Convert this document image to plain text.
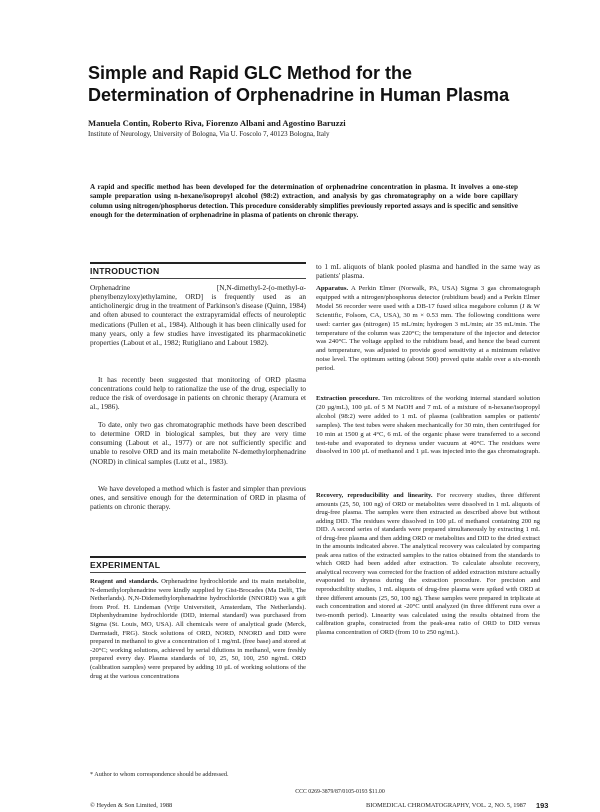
Simple and Rapid GLC Method for the Determination of Orphenadrine in Human Plasma

Manuela Contin, Roberto Riva, Fiorenzo Albani and Agostino Baruzzi

Institute of Neurology, University of Bologna, Via U. Foscolo 7, 40123 Bologna, Italy

A rapid and specific method has been developed for the determination of orphenadrine concentration in plasma. It involves a one-step sample preparation using n-hexane/isopropyl alcohol (98:2) extraction, and analysis by gas chromatography on a wide bore capillary column using nitrogen/phosphorus detection. This procedure considerably simplifies previously reported assays and is specific and sensitive enough for the determination of orphenadrine in plasma of patients on chronic therapy.

INTRODUCTION

Orphenadrine [N,N-dimethyl-2-(o-methyl-α-phenylbenzyloxy)ethylamine, ORD] is frequently used as an anticholinergic drug in the treatment of Parkinson's disease (Quinn, 1984) and often abused to counteract the extrapyramidal effects of neuroleptic medications (Pullen et al., 1984). Although it has been clinically used for many years, only a few studies have investigated its pharmacokinetic properties (Labout et al., 1982; Rutigliano and Labout 1982).

It has recently been suggested that monitoring of ORD plasma concentrations could help to rationalize the use of the drug, especially to reduce the risk of overdosage in patients on chronic therapy (Aramura et al., 1986).

To date, only two gas chromatographic methods have been described to determine ORD in biological samples, but they are very time consuming (Labout et al., 1977) or are not sufficiently specific and unable to resolve ORD and its main metabolite N-demethylorphenadrine (NORD) in clinical samples (Lutz et al., 1983).

We have developed a method which is faster and simpler than previous ones, and sensitive enough for the determination of ORD in plasma of patients on chronic therapy.

EXPERIMENTAL

Reagent and standards. Orphenadrine hydrochloride and its main metabolite, N-demethylorphenadrine were kindly supplied by Gist-Brocades (Ma Delft, The Netherlands). N,N-Didemethylorphenadrine hydrochloride (NNORD) was a gift from Prof. H. Lindeman (Vrije Universiteit, Amsterdam, The Netherlands). Diphenhydramine hydrochloride (DID, internal standard) was purchased from Sigma (St. Louis, MO, USA). All chemicals were of analytical grade (Merck, Darmstadt, FRG). Stock solutions of ORD, NORD, NNORD and DID were prepared in methanol to give a concentration of 1 mg/mL (free base) and stored at -20°C; working solutions, achieved by serial dilutions in methanol, were freshly prepared every day. Plasma standards of 10, 25, 50, 100, 250 ng/mL ORD (calibration samples) were prepared by adding 10 µL of working solutions of the drug at the various concentrations

* Author to whom correspondence should be addressed.

to 1 mL aliquots of blank pooled plasma and handled in the same way as patients' plasma.

Apparatus. A Perkin Elmer (Norwalk, PA, USA) Sigma 3 gas chromatograph equipped with a nitrogen/phosphorus detector (rubidium bead) and a Perkin Elmer Model 56 recorder were used with a DB-17 fused silica megabore column (J & W Scientific, Folsom, CA, USA), 30 m × 0.53 mm. The following conditions were used: carrier gas (nitrogen) 15 mL/min; hydrogen 3 mL/min; air 35 mL/min. The temperature of the column was 220°C; the temperature of the injector and detector was 240°C. The voltage applied to the rubidium bead, and hence the bead current and temperature, was adjusted to provide good sensitivity at a minimum relative noise level. The optimum setting (about 500) proved quite stable over a six-month period.

Extraction procedure. Ten microlitres of the working internal standard solution (20 µg/mL), 100 µL of 5 M NaOH and 7 mL of a mixture of n-hexane/isopropyl alcohol (98:2) were added to 1 mL of plasma (calibration samples or patients' samples). The test tubes were shaken mechanically for 30 min, then centrifuged for 10 min at 1500 g at 4°C, 6 mL of the organic phase were transferred to a second test-tube and evaporated to dryness under vacuum at 40°C. The residues were dissolved in 100 µL of methanol and 1 µL was injected into the gas chromatograph.

Recovery, reproducibility and linearity. For recovery studies, three different amounts (25, 50, 100 ng) of ORD or metabolites were dissolved in 1 mL aliquots of drug-free plasma. The samples were then extracted as described above but without adding DID. The residues were dissolved in 100 µL of methanol containing 200 ng DID. A second series of standards were prepared simultaneously by extracting 1 mL of drug-free plasma and then adding ORD or metabolites and DID to the dried extract in the amounts indicated above. The analytical recovery was calculated by comparing peak area ratios of the extracted samples to the ratios obtained from the standards to which ORD had been added after extraction. To calculate absolute recovery, analytical recovery was corrected for the fraction of added extraction mixture actually evaporated to dryness during the extraction procedure. For precision and reproducibility studies, 1 mL aliquots of drug-free plasma were spiked with ORD at three different amounts (25, 50, 100 ng). These samples were prepared in triplicate at each concentration and stored at -20°C until analyzed (in three different runs over a two-month period). Linearity was calculated using the results obtained from the calibration graphs, constructed from the peak-area ratio of ORD to DID versus plasma concentration of ORD (from 10 to 250 ng/mL).

CCC 0269-3879/87/0105-0193 $11.00

© Heyden & Son Limited, 1988	BIOMEDICAL CHROMATOGRAPHY, VOL. 2, NO. 5, 1987 193
